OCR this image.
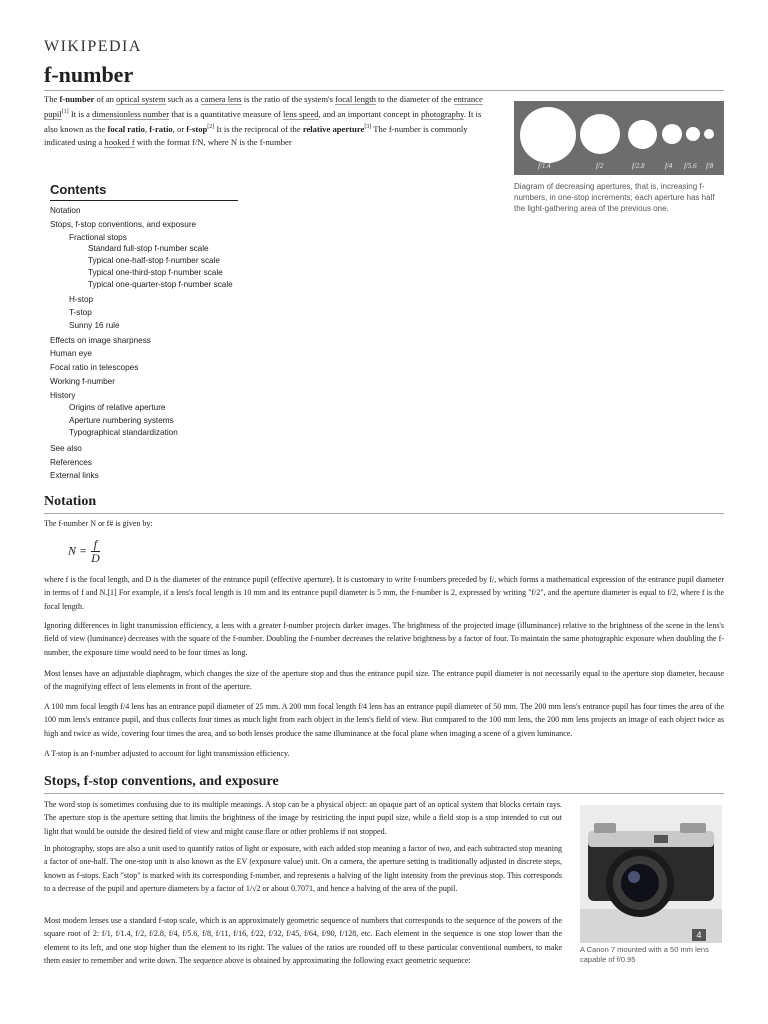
WIKIPEDIA
f-number

The f-number of an optical system such as a camera lens is the ratio of the system's focal length to the diameter of the entrance pupil[1] It is a dimensionless number that is a quantitative measure of lens speed, and an important concept in photography. It is also known as the focal ratio, f-ratio, or f-stop[2] It is the reciprocal of the relative aperture[3] The f-number is commonly indicated using a hooked f with the format f/N, where N is the f-number

f/1.4	f/2	f/2.8	f/4 f/5.6 f/8
Diagram of decreasing apertures, that is, increasing f-numbers, in one-stop increments; each aperture has half the light-gathering area of the previous one.
Contents
Notation
Stops, f-stop conventions, and exposure
Fractional stops
Standard full-stop f-number scale
Typical one-half-stop f-number scale
Typical one-third-stop f-number scale
Typical one-quarter-stop f-number scale
H-stop
T-stop
Sunny 16 rule
Effects on image sharpness
Human eye
Focal ratio in telescopes
Working f-number
History
Origins of relative aperture
Aperture numbering systems
Typographical standardization
See also
References
External links
Notation

The f-number N or f# is given by:

$N = \frac{f}{D}$

where f is the focal length, and D is the diameter of the entrance pupil (effective aperture). It is customary to write f-numbers preceded by f/, which forms a mathematical expression of the entrance pupil diameter in terms of f and N.[1] For example, if a lens's focal length is 10 mm and its entrance pupil diameter is 5 mm, the f-number is 2, expressed by writing "f/2", and the aperture diameter is equal to f/2, where f is the focal length.

Ignoring differences in light transmission efficiency, a lens with a greater f-number projects darker images. The brightness of the projected image (illuminance) relative to the brightness of the scene in the lens's field of view (luminance) decreases with the square of the f-number. Doubling the f-number decreases the relative brightness by a factor of four. To maintain the same photographic exposure when doubling the f-number, the exposure time would need to be four times as long.

Most lenses have an adjustable diaphragm, which changes the size of the aperture stop and thus the entrance pupil size. The entrance pupil diameter is not necessarily equal to the aperture stop diameter, because of the magnifying effect of lens elements in front of the aperture.

A 100 mm focal length f/4 lens has an entrance pupil diameter of 25 mm. A 200 mm focal length f/4 lens has an entrance pupil diameter of 50 mm. The 200 mm lens's entrance pupil has four times the area of the 100 mm lens's entrance pupil, and thus collects four times as much light from each object in the lens's field of view. But compared to the 100 mm lens, the 200 mm lens projects an image of each object twice as high and twice as wide, covering four times the area, and so both lenses produce the same illuminance at the focal plane when imaging a scene of a given luminance.

A T-stop is an f-number adjusted to account for light transmission efficiency.

Stops, f-stop conventions, and exposure

The word stop is sometimes confusing due to its multiple meanings. A stop can be a physical object: an opaque part of an optical system that blocks certain rays. The aperture stop is the aperture setting that limits the brightness of the image by restricting the input pupil size, while a field stop is a stop intended to cut out light that would be outside the desired field of view and might cause flare or other problems if not stopped.

In photography, stops are also a unit used to quantify ratios of light or exposure, with each added stop meaning a factor of two, and each subtracted stop meaning a factor of one-half. The one-stop unit is also known as the EV (exposure value) unit. On a camera, the aperture setting is traditionally adjusted in discrete steps, known as f-stops. Each "stop" is marked with its corresponding f-number, and represents a halving of the light intensity from the previous stop. This corresponds to a decrease of the pupil and aperture diameters by a factor of 1/√2 or about 0.7071, and hence a halving of the area of the pupil.

Most modern lenses use a standard f-stop scale, which is an approximately geometric sequence of numbers that corresponds to the sequence of the powers of the square root of 2: f/1, f/1.4, f/2, f/2.8, f/4, f/5.6, f/8, f/11, f/16, f/22, f/32, f/45, f/64, f/90, f/128, etc. Each element in the sequence is one stop lower than the element to its left, and one stop higher than the element to its right. The values of the ratios are rounded off to these particular conventional numbers, to make them easier to remember and write down. The sequence above is obtained by approximating the following exact geometric sequence:

4
A Canon 7 mounted with a 50 mm lens capable of f/0.95
